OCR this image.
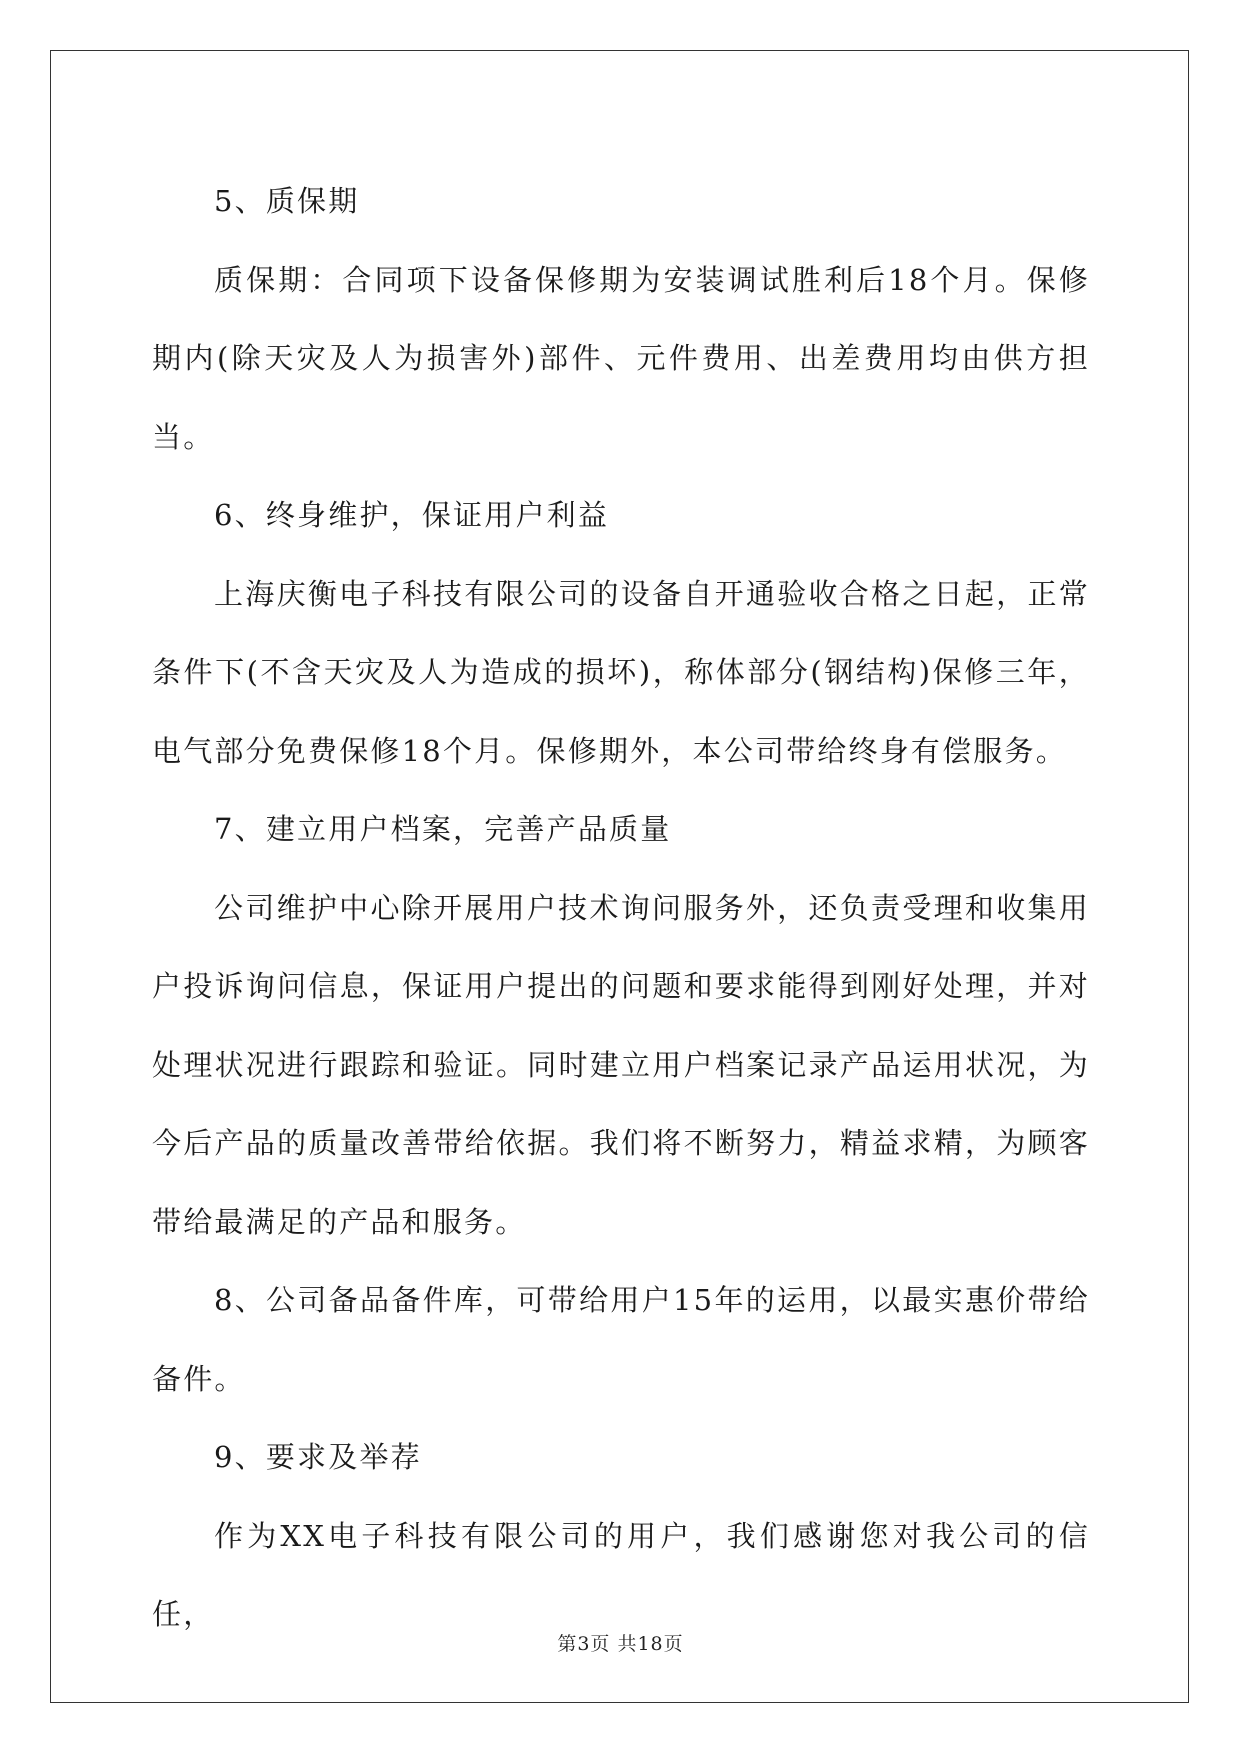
5、质保期

质保期：合同项下设备保修期为安装调试胜利后18个月。保修期内(除天灾及人为损害外)部件、元件费用、出差费用均由供方担当。

6、终身维护，保证用户利益

上海庆衡电子科技有限公司的设备自开通验收合格之日起，正常条件下(不含天灾及人为造成的损坏)，称体部分(钢结构)保修三年，电气部分免费保修18个月。保修期外，本公司带给终身有偿服务。

7、建立用户档案，完善产品质量

公司维护中心除开展用户技术询问服务外，还负责受理和收集用户投诉询问信息，保证用户提出的问题和要求能得到刚好处理，并对处理状况进行跟踪和验证。同时建立用户档案记录产品运用状况，为今后产品的质量改善带给依据。我们将不断努力，精益求精，为顾客带给最满足的产品和服务。

8、公司备品备件库，可带给用户15年的运用，以最实惠价带给备件。

9、要求及举荐

作为XX电子科技有限公司的用户，我们感谢您对我公司的信任，

第3页 共18页
